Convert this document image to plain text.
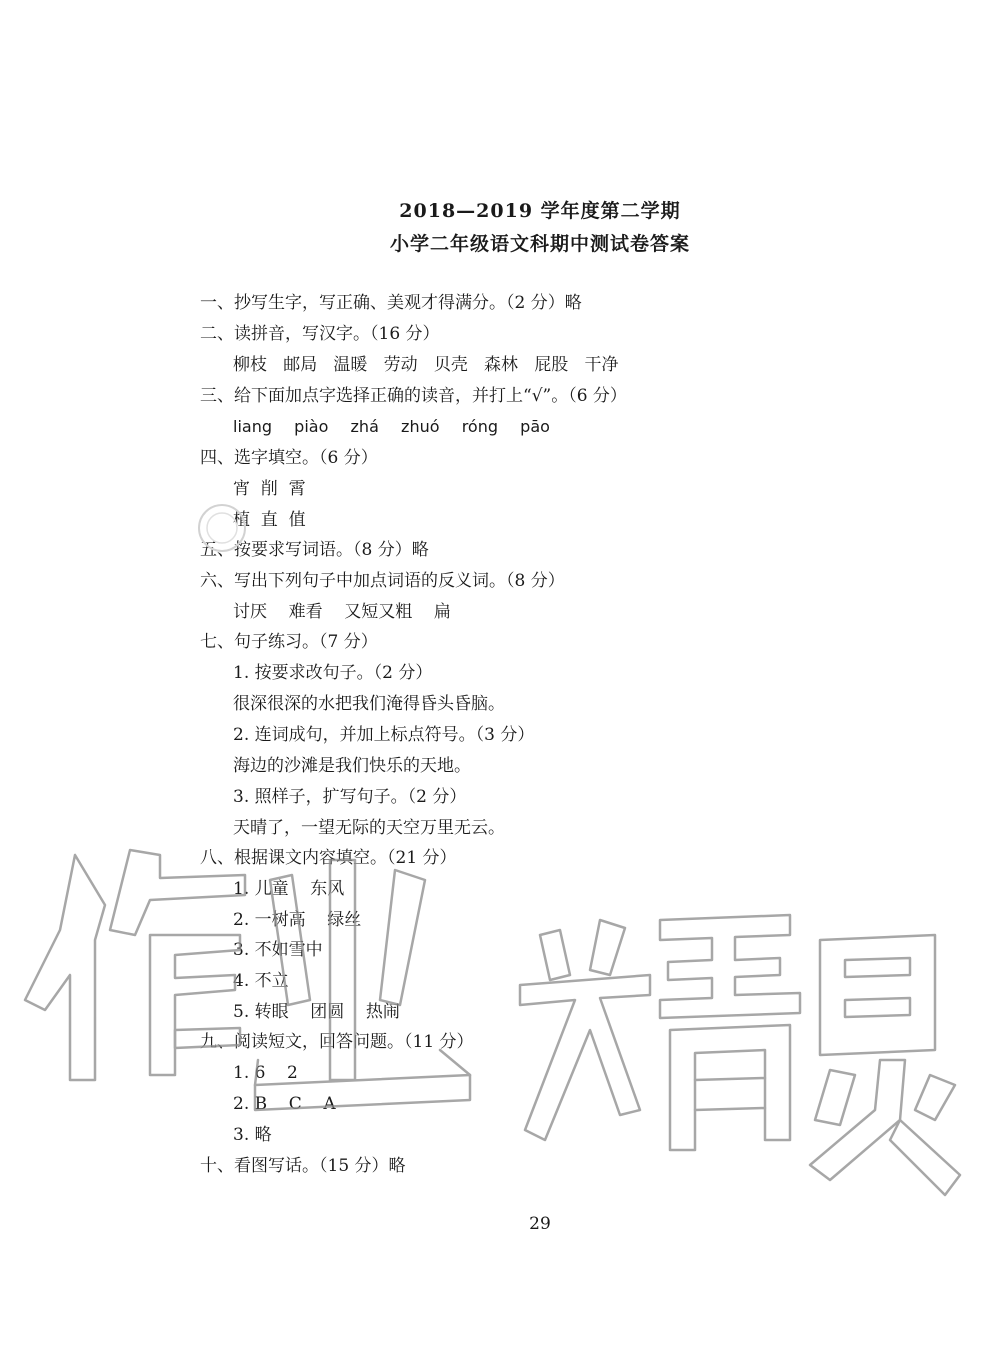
2018—2019 学年度第二学期
小学二年级语文科期中测试卷答案
一、抄写生字，写正确、美观才得满分。（2 分）略
二、读拼音，写汉字。（16 分）
柳枝   邮局   温暖   劳动   贝壳   森林   屁股   干净
三、给下面加点字选择正确的读音，并打上“√”。（6 分）
liang  piào  zhá  zhuó  róng  pāo
四、选字填空。（6 分）
宵  削  霄
植  直  值
五、按要求写词语。（8 分）略
六、写出下列句子中加点词语的反义词。（8 分）
讨厌    难看    又短又粗    扁
七、句子练习。（7 分）
1. 按要求改句子。（2 分）
很深很深的水把我们淹得昏头昏脑。
2. 连词成句，并加上标点符号。（3 分）
海边的沙滩是我们快乐的天地。
3. 照样子，扩写句子。（2 分）
天晴了，一望无际的天空万里无云。
八、根据课文内容填空。（21 分）
1. 儿童    东风
2. 一树高    绿丝
3. 不如雪中
4. 不立
5. 转眼    团圆    热闹
九、阅读短文，回答问题。（11 分）
1. 6    2
2. B    C    A
3. 略
十、看图写话。（15 分）略
29
